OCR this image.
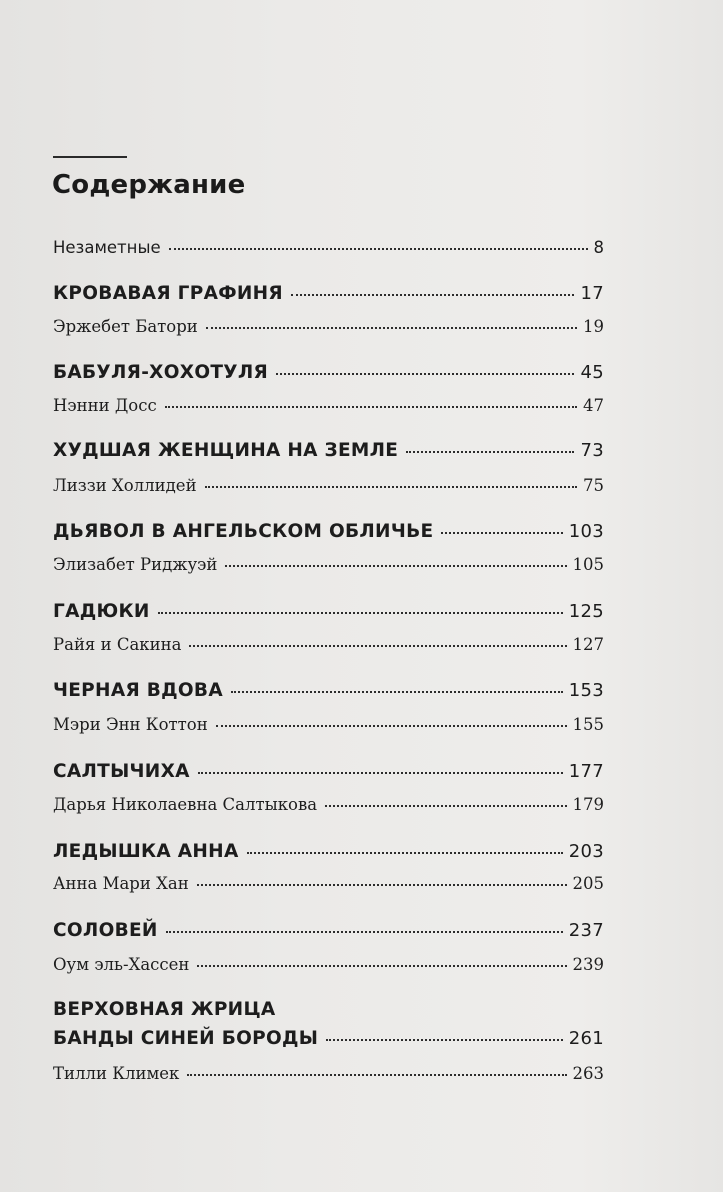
Содержание
Незаметные	8
КРОВАВАЯ ГРАФИНЯ	17
Эржебет Батори	19
БАБУЛЯ-ХОХОТУЛЯ	45
Нэнни Досс	47
ХУДШАЯ ЖЕНЩИНА НА ЗЕМЛЕ	73
Лиззи Холлидей	75
ДЬЯВОЛ В АНГЕЛЬСКОМ ОБЛИЧЬЕ	103
Элизабет Риджуэй	105
ГАДЮКИ	125
Райя и Сакина	127
ЧЕРНАЯ ВДОВА	153
Мэри Энн Коттон	155
САЛТЫЧИХА	177
Дарья Николаевна Салтыкова	179
ЛЕДЫШКА АННА	203
Анна Мари Хан	205
СОЛОВЕЙ	237
Оум эль-Хассен	239
ВЕРХОВНАЯ ЖРИЦА
БАНДЫ СИНЕЙ БОРОДЫ	261
Тилли Климек	263
